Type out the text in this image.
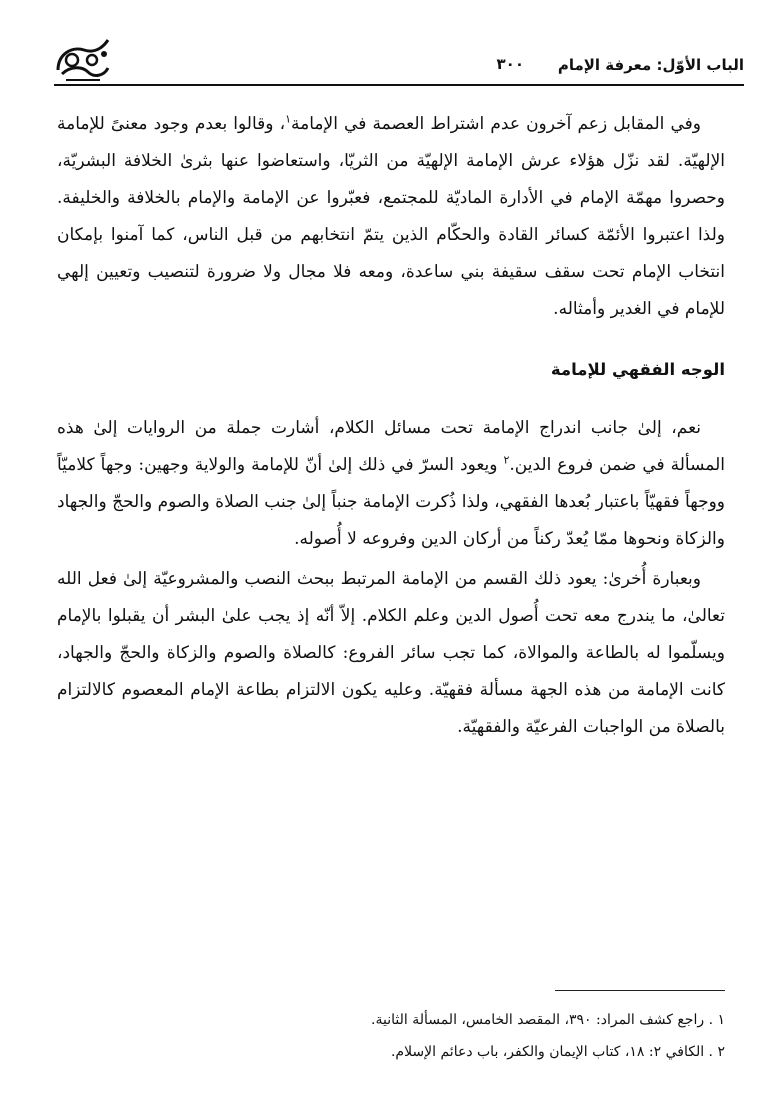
الباب الأوّل: معرفة الإمام
۳۰۰

وفي المقابل زعم آخرون عدم اشتراط العصمة في الإمامة$^١$، وقالوا بعدم وجود معنىً للإمامة الإلهيّة. لقد نزّل هؤلاء عرش الإمامة الإلهيّة من الثريّا، واستعاضوا عنها بثرىٰ الخلافة البشريّة، وحصروا مهمّة الإمام في الأدارة الماديّة للمجتمع، فعبّروا عن الإمامة والإمام بالخلافة والخليفة. ولذا اعتبروا الأئمّة كسائر القادة والحكّام الذين يتمّ انتخابهم من قبل الناس، كما آمنوا بإمكان انتخاب الإمام تحت سقف سقيفة بني ساعدة، ومعه فلا مجال ولا ضرورة لتنصيب وتعيين إلهي للإمام في الغدير وأمثاله.

الوجه الفقهي للإمامة

نعم، إلىٰ جانب اندراج الإمامة تحت مسائل الكلام، أشارت جملة من الروايات إلىٰ هذه المسألة في ضمن فروع الدين.$^٢$ ويعود السرّ في ذلك إلىٰ أنّ للإمامة والولاية وجهين: وجهاً كلاميّاً ووجهاً فقهيّاً باعتبار بُعدها الفقهي، ولذا ذُكرت الإمامة جنباً إلىٰ جنب الصلاة والصوم والحجّ والجهاد والزكاة ونحوها ممّا يُعدّ ركناً من أركان الدين وفروعه لا أُصوله.

وبعبارة أُخرىٰ: يعود ذلك القسم من الإمامة المرتبط ببحث النصب والمشروعيّة إلىٰ فعل الله تعالىٰ، ما يندرج معه تحت أُصول الدين وعلم الكلام. إلاّ أنّه إذ يجب علىٰ البشر أن يقبلوا بالإمام ويسلّموا له بالطاعة والموالاة، كما تجب سائر الفروع: كالصلاة والصوم والزكاة والحجّ والجهاد، كانت الإمامة من هذه الجهة مسألة فقهيّة. وعليه يكون الالتزام بطاعة الإمام المعصوم كالالتزام بالصلاة من الواجبات الفرعيّة والفقهيّة.

١ . راجع كشف المراد: ٣٩٠، المقصد الخامس، المسألة الثانية.

٢ . الكافي ٢: ١٨، كتاب الإيمان والكفر، باب دعائم الإسلام.
